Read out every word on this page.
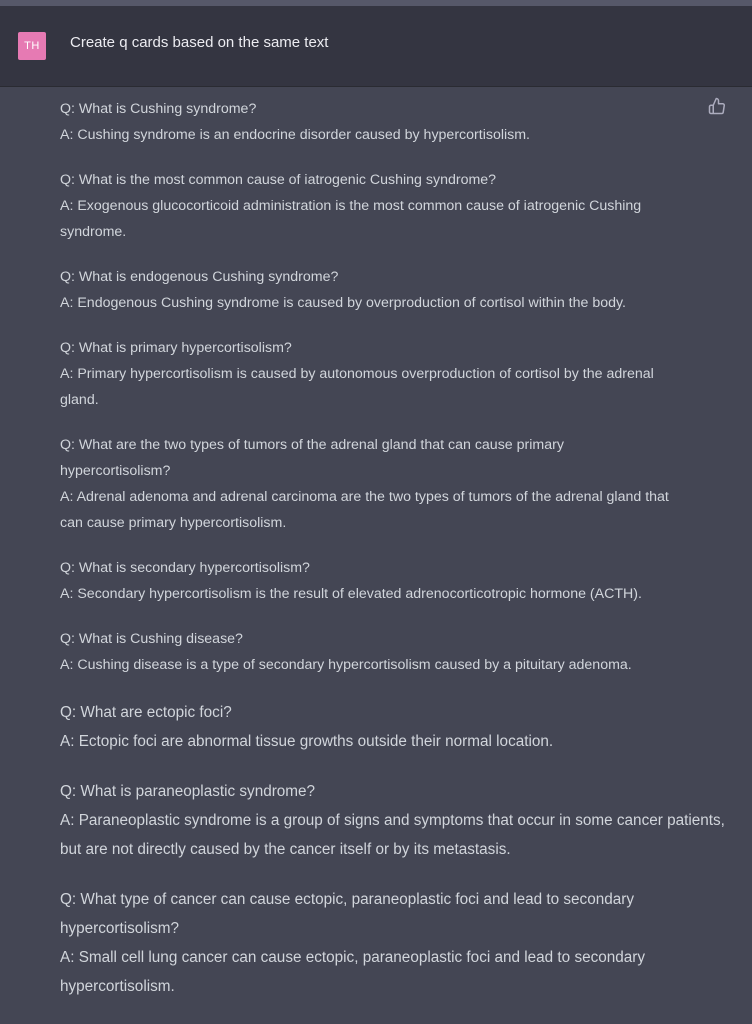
TH	Create q cards based on the same text

Q: What is Cushing syndrome?

A: Cushing syndrome is an endocrine disorder caused by hypercortisolism.

Q: What is the most common cause of iatrogenic Cushing syndrome?

A: Exogenous glucocorticoid administration is the most common cause of iatrogenic Cushing syndrome.

Q: What is endogenous Cushing syndrome?

A: Endogenous Cushing syndrome is caused by overproduction of cortisol within the body.

Q: What is primary hypercortisolism?

A: Primary hypercortisolism is caused by autonomous overproduction of cortisol by the adrenal gland.

Q: What are the two types of tumors of the adrenal gland that can cause primary hypercortisolism?

A: Adrenal adenoma and adrenal carcinoma are the two types of tumors of the adrenal gland that can cause primary hypercortisolism.

Q: What is secondary hypercortisolism?

A: Secondary hypercortisolism is the result of elevated adrenocorticotropic hormone (ACTH).

Q: What is Cushing disease?

A: Cushing disease is a type of secondary hypercortisolism caused by a pituitary adenoma.

Q: What are ectopic foci?

A: Ectopic foci are abnormal tissue growths outside their normal location.

Q: What is paraneoplastic syndrome?

A: Paraneoplastic syndrome is a group of signs and symptoms that occur in some cancer patients, but are not directly caused by the cancer itself or by its metastasis.

Q: What type of cancer can cause ectopic, paraneoplastic foci and lead to secondary hypercortisolism?

A: Small cell lung cancer can cause ectopic, paraneoplastic foci and lead to secondary hypercortisolism.
